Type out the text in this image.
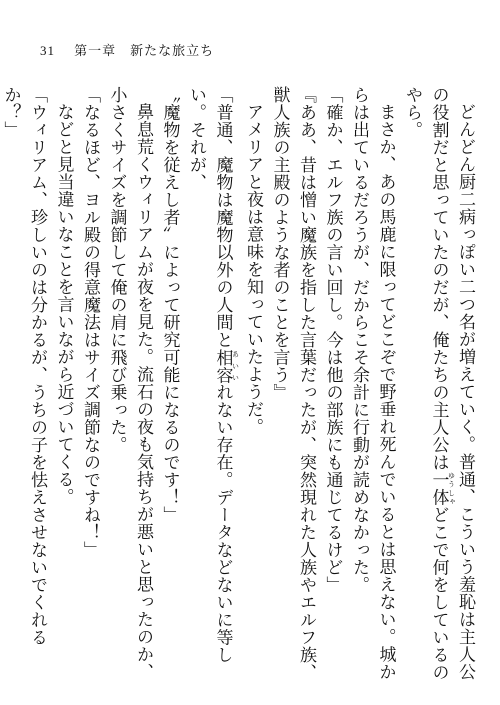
31 第一章　新たな旅立ち

どんどん厨二病っぽい二つ名が増えていく。普通、こういう羞恥は主人公の役割だと思っていたのだが、俺たちの主人公は一体 ゆうしゃどこで何をしているのやら。

まさか、あの馬鹿に限ってどこぞで野垂れ死んでいるとは思えない。城からは出ているだろうが、だからこそ余計に行動が読めなかった。

「確か、エルフ族の言い回し。今は他の部族にも通じてるけど」

『ああ、昔は憎い魔族を指した言葉だったが、突然現れた人族やエルフ族、獣人族の主殿のような者のことを言う』

アメリアと夜は意味を知っていたようだ。

「普通、魔物は魔物以外の人間と相容 あいいれない存在。データなどないに等しい。それが、

〝魔物を従えし者〟によって研究可能になるのです！」

鼻息荒くウィリアムが夜を見た。流石の夜も気持ちが悪いと思ったのか、小さくサイズを調節して俺の肩に飛び乗った。

「なるほど、ヨル殿の得意魔法はサイズ調節なのですね！」

などと見当違いなことを言いながら近づいてくる。

「ウィリアム、珍しいのは分かるが、うちの子を怯えさせないでくれるか？」
